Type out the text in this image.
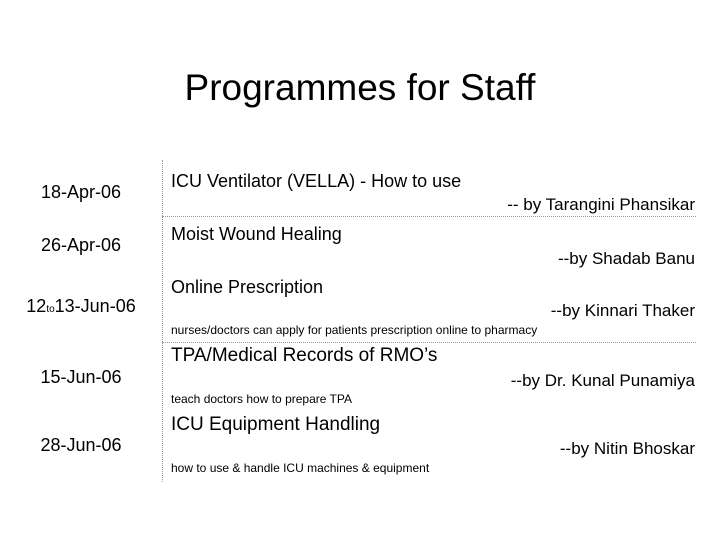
Programmes for Staff
18-Apr-06
ICU Ventilator (VELLA) - How to use
-- by Tarangini Phansikar
26-Apr-06
Moist Wound Healing
--by Shadab Banu
12to13-Jun-06
Online Prescription
--by Kinnari Thaker
nurses/doctors can apply for patients prescription online to pharmacy
15-Jun-06
TPA/Medical Records of RMO’s
--by Dr. Kunal Punamiya
teach doctors how to prepare TPA
28-Jun-06
ICU Equipment Handling
--by Nitin Bhoskar
how to use & handle ICU machines & equipment
